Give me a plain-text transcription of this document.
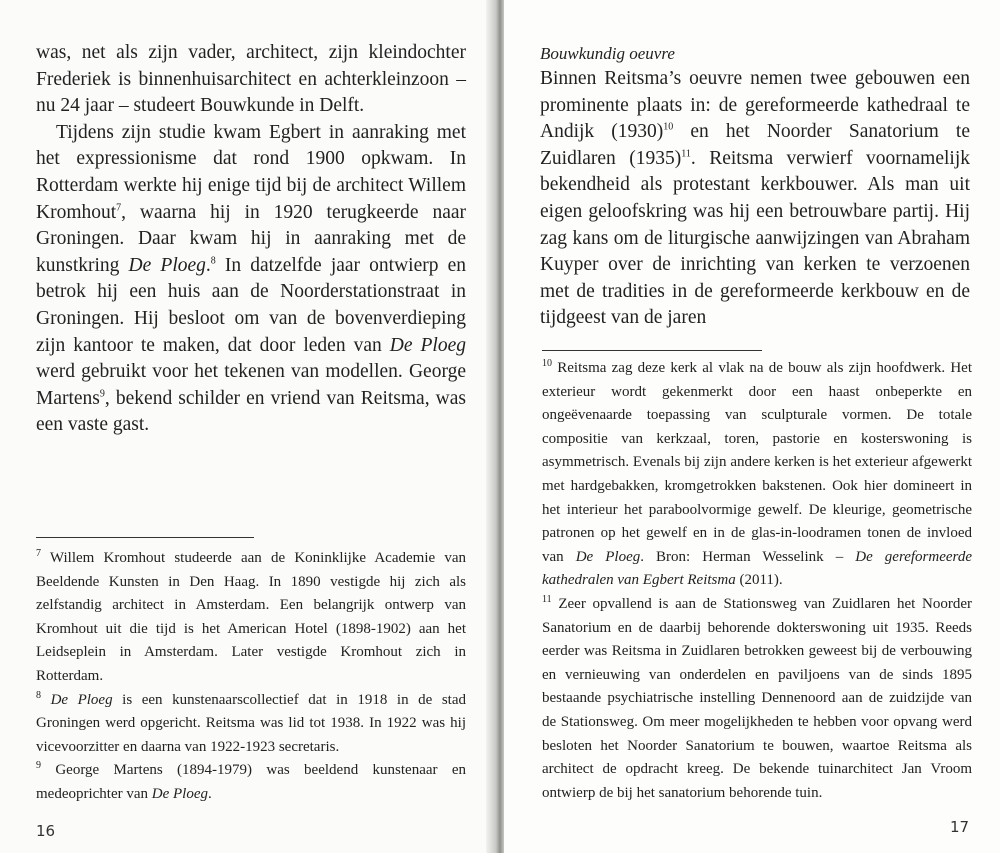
was, net als zijn vader, architect, zijn kleindochter Frederiek is binnenhuisarchitect en achterkleinzoon – nu 24 jaar – studeert Bouwkunde in Delft.

Tijdens zijn studie kwam Egbert in aanraking met het expressionisme dat rond 1900 opkwam. In Rotterdam werkte hij enige tijd bij de architect Willem Kromhout$^7$, waarna hij in 1920 terugkeerde naar Groningen. Daar kwam hij in aanraking met de kunstkring De Ploeg.$^8$ In datzelfde jaar ontwierp en betrok hij een huis aan de Noorderstationstraat in Groningen. Hij besloot om van de bovenverdieping zijn kantoor te maken, dat door leden van De Ploeg werd gebruikt voor het tekenen van modellen. George Martens$^9$, bekend schilder en vriend van Reitsma, was een vaste gast.

$^7$ Willem Kromhout studeerde aan de Koninklijke Academie van Beeldende Kunsten in Den Haag. In 1890 vestigde hij zich als zelfstandig architect in Amsterdam. Een belangrijk ontwerp van Kromhout uit die tijd is het American Hotel (1898-1902) aan het Leidseplein in Amsterdam. Later vestigde Kromhout zich in Rotterdam.

$^8$ De Ploeg is een kunstenaarscollectief dat in 1918 in de stad Groningen werd opgericht. Reitsma was lid tot 1938. In 1922 was hij vicevoorzitter en daarna van 1922-1923 secretaris.

$^9$ George Martens (1894-1979) was beeldend kunstenaar en medeoprichter van De Ploeg.

16

Bouwkundig oeuvre

Binnen Reitsma’s oeuvre nemen twee gebouwen een prominente plaats in: de gereformeerde kathedraal te Andijk $(1930)^{10}$ en het Noorder Sanatorium te Zuidlaren $(1935)^{11}$. Reitsma verwierf voornamelijk bekendheid als protestant kerkbouwer. Als man uit eigen geloofskring was hij een betrouwbare partij. Hij zag kans om de liturgische aanwijzingen van Abraham Kuyper over de inrichting van kerken te verzoenen met de tradities in de gereformeerde kerkbouw en de tijdgeest van de jaren

$^{10}$ Reitsma zag deze kerk al vlak na de bouw als zijn hoofdwerk. Het exterieur wordt gekenmerkt door een haast onbeperkte en ongeëvenaarde toepassing van sculpturale vormen. De totale compositie van kerkzaal, toren, pastorie en kosterswoning is asymmetrisch. Evenals bij zijn andere kerken is het exterieur afgewerkt met hardgebakken, kromgetrokken bakstenen. Ook hier domineert in het interieur het paraboolvormige gewelf. De kleurige, geometrische patronen op het gewelf en in de glas-in-loodramen tonen de invloed van De Ploeg. Bron: Herman Wesselink – De gereformeerde kathedralen van Egbert Reitsma (2011).

$^{11}$ Zeer opvallend is aan de Stationsweg van Zuidlaren het Noorder Sanatorium en de daarbij behorende dokterswoning uit 1935. Reeds eerder was Reitsma in Zuidlaren betrokken geweest bij de verbouwing en vernieuwing van onderdelen en paviljoens van de sinds 1895 bestaande psychiatrische instelling Dennenoord aan de zuidzijde van de Stationsweg. Om meer mogelijkheden te hebben voor opvang werd besloten het Noorder Sanatorium te bouwen, waartoe Reitsma als architect de opdracht kreeg. De bekende tuinarchitect Jan Vroom ontwierp de bij het sanatorium behorende tuin.

17
